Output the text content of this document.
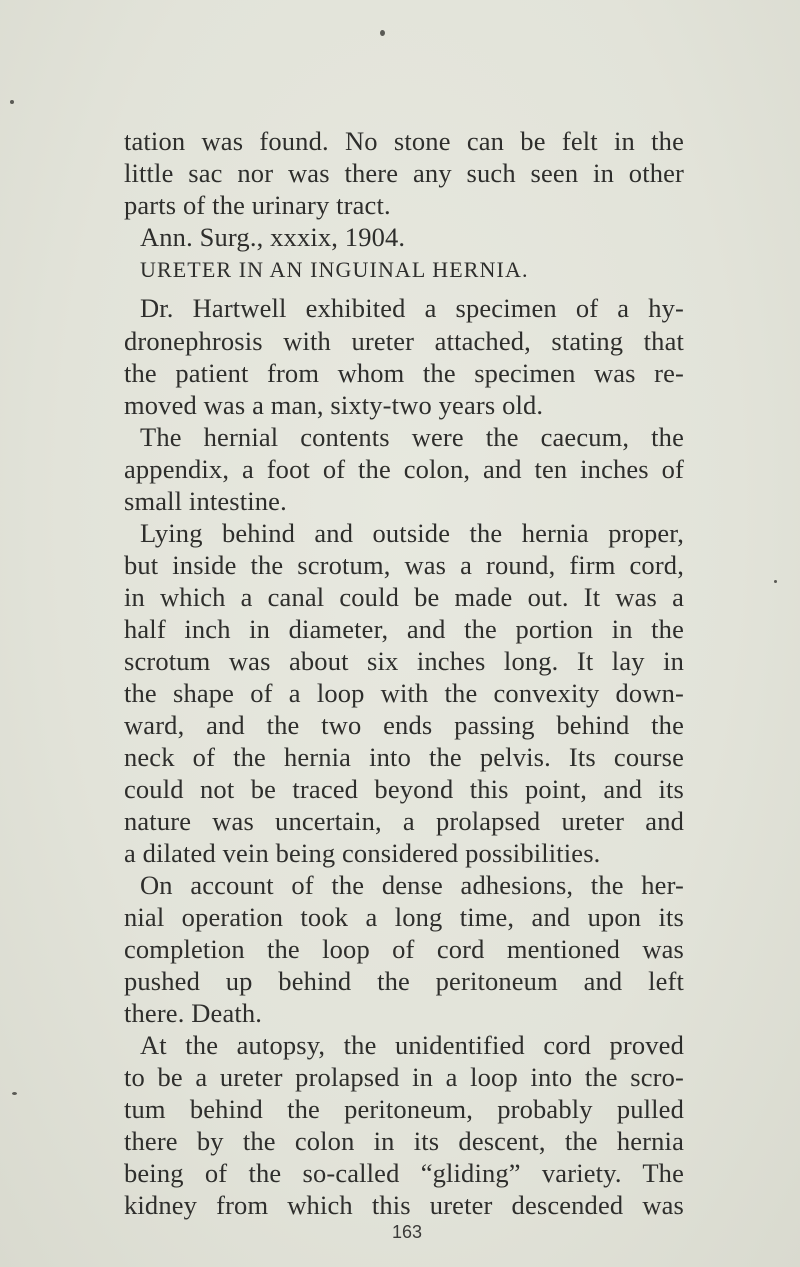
tation was found. No stone can be felt in the
little sac nor was there any such seen in other
parts of the urinary tract.
Ann. Surg., xxxix, 1904.
URETER IN AN INGUINAL HERNIA.
Dr. Hartwell exhibited a specimen of a hy-
dronephrosis with ureter attached, stating that
the patient from whom the specimen was re-
moved was a man, sixty-two years old.
The hernial contents were the caecum, the
appendix, a foot of the colon, and ten inches of
small intestine.
Lying behind and outside the hernia proper,
but inside the scrotum, was a round, firm cord,
in which a canal could be made out. It was a
half inch in diameter, and the portion in the
scrotum was about six inches long. It lay in
the shape of a loop with the convexity down-
ward, and the two ends passing behind the
neck of the hernia into the pelvis. Its course
could not be traced beyond this point, and its
nature was uncertain, a prolapsed ureter and
a dilated vein being considered possibilities.
On account of the dense adhesions, the her-
nial operation took a long time, and upon its
completion the loop of cord mentioned was
pushed up behind the peritoneum and left
there. Death.
At the autopsy, the unidentified cord proved
to be a ureter prolapsed in a loop into the scro-
tum behind the peritoneum, probably pulled
there by the colon in its descent, the hernia
being of the so-called “gliding” variety. The
kidney from which this ureter descended was
163
